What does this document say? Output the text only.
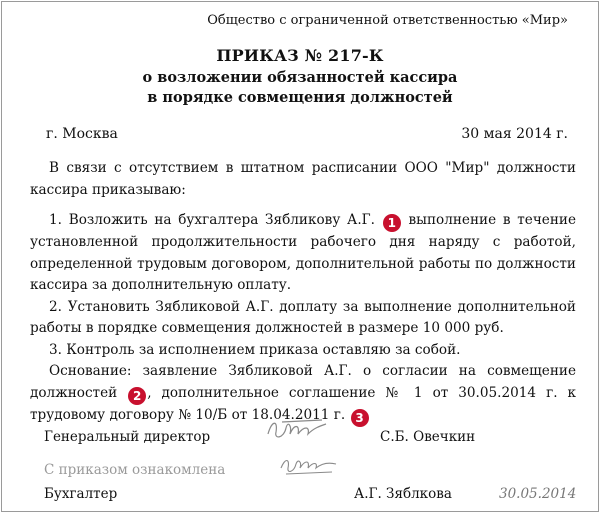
Общество с ограниченной ответственностью «Мир»
ПРИКАЗ № 217-К
о возложении обязанностей кассира
в порядке совмещения должностей
г. Москва	30 мая 2014 г.

В связи с отсутствием в штатном расписании ООО "Мир" должности кассира приказываю:

1. Возложить на бухгалтера Зябликову А.Г. 1 выполнение в течение установленной продолжительности рабочего дня наряду с работой, определенной трудовым договором, дополнительной работы по должности кассира за дополнительную оплату.

2. Установить Зябликовой А.Г. доплату за выполнение дополнительной работы в порядке совмещения должностей в размере 10 000 руб.

3. Контроль за исполнением приказа оставляю за собой.

Основание: заявление Зябликовой А.Г. о согласии на совмещение должностей 2 , дополнительное соглашение № 1 от 30.05.2014 г. к трудовому договору № 10/Б от 18.04.2011 г. 3

Генеральный директор	С.Б. Овечкин
С приказом ознакомлена
Бухгалтер	А.Г. Зяблкова	30.05.2014
